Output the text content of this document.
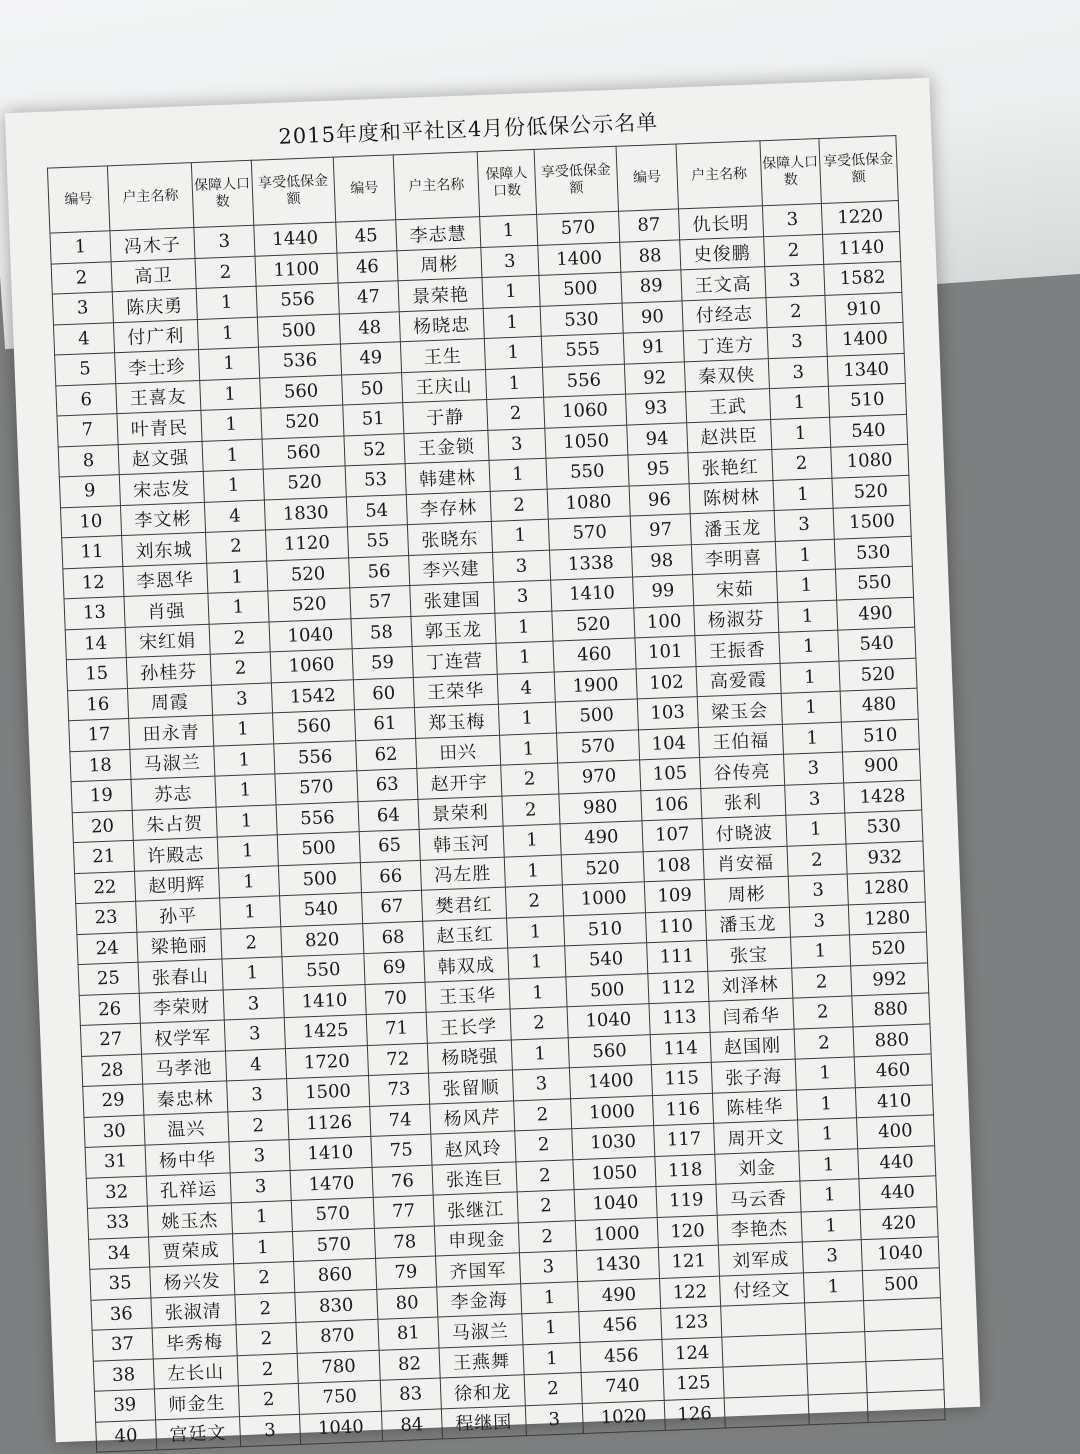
2015年度和平社区4月份低保公示名单
编号	户主名称	保障人口数	享受低保金额	编号	户主名称	保障人口数	享受低保金额	编号	户主名称	保障人口数	享受低保金额
1	冯木子	3	1440	45	李志慧	1	570	87	仇长明	3	1220
2	高卫	2	1100	46	周彬	3	1400	88	史俊鹏	2	1140
3	陈庆勇	1	556	47	景荣艳	1	500	89	王文高	3	1582
4	付广利	1	500	48	杨晓忠	1	530	90	付经志	2	910
5	李士珍	1	536	49	王生	1	555	91	丁连方	3	1400
6	王喜友	1	560	50	王庆山	1	556	92	秦双侠	3	1340
7	叶青民	1	520	51	于静	2	1060	93	王武	1	510
8	赵文强	1	560	52	王金锁	3	1050	94	赵洪臣	1	540
9	宋志发	1	520	53	韩建林	1	550	95	张艳红	2	1080
10	李文彬	4	1830	54	李存林	2	1080	96	陈树林	1	520
11	刘东城	2	1120	55	张晓东	1	570	97	潘玉龙	3	1500
12	李恩华	1	520	56	李兴建	3	1338	98	李明喜	1	530
13	肖强	1	520	57	张建国	3	1410	99	宋茹	1	550
14	宋红娟	2	1040	58	郭玉龙	1	520	100	杨淑芬	1	490
15	孙桂芬	2	1060	59	丁连营	1	460	101	王振香	1	540
16	周霞	3	1542	60	王荣华	4	1900	102	高爱霞	1	520
17	田永青	1	560	61	郑玉梅	1	500	103	梁玉会	1	480
18	马淑兰	1	556	62	田兴	1	570	104	王伯福	1	510
19	苏志	1	570	63	赵开宇	2	970	105	谷传亮	3	900
20	朱占贺	1	556	64	景荣利	2	980	106	张利	3	1428
21	许殿志	1	500	65	韩玉河	1	490	107	付晓波	1	530
22	赵明辉	1	500	66	冯左胜	1	520	108	肖安福	2	932
23	孙平	1	540	67	樊君红	2	1000	109	周彬	3	1280
24	梁艳丽	2	820	68	赵玉红	1	510	110	潘玉龙	3	1280
25	张春山	1	550	69	韩双成	1	540	111	张宝	1	520
26	李荣财	3	1410	70	王玉华	1	500	112	刘泽林	2	992
27	权学军	3	1425	71	王长学	2	1040	113	闫希华	2	880
28	马孝池	4	1720	72	杨晓强	1	560	114	赵国刚	2	880
29	秦忠林	3	1500	73	张留顺	3	1400	115	张子海	1	460
30	温兴	2	1126	74	杨风芹	2	1000	116	陈桂华	1	410
31	杨中华	3	1410	75	赵风玲	2	1030	117	周开文	1	400
32	孔祥运	3	1470	76	张连巨	2	1050	118	刘金	1	440
33	姚玉杰	1	570	77	张继江	2	1040	119	马云香	1	440
34	贾荣成	1	570	78	申现金	2	1000	120	李艳杰	1	420
35	杨兴发	2	860	79	齐国军	3	1430	121	刘军成	3	1040
36	张淑清	2	830	80	李金海	1	490	122	付经文	1	500
37	毕秀梅	2	870	81	马淑兰	1	456	123			
38	左长山	2	780	82	王燕舞	1	456	124			
39	师金生	2	750	83	徐和龙	2	740	125			
40	宫廷文	3	1040	84	程继国	3	1020	126			
